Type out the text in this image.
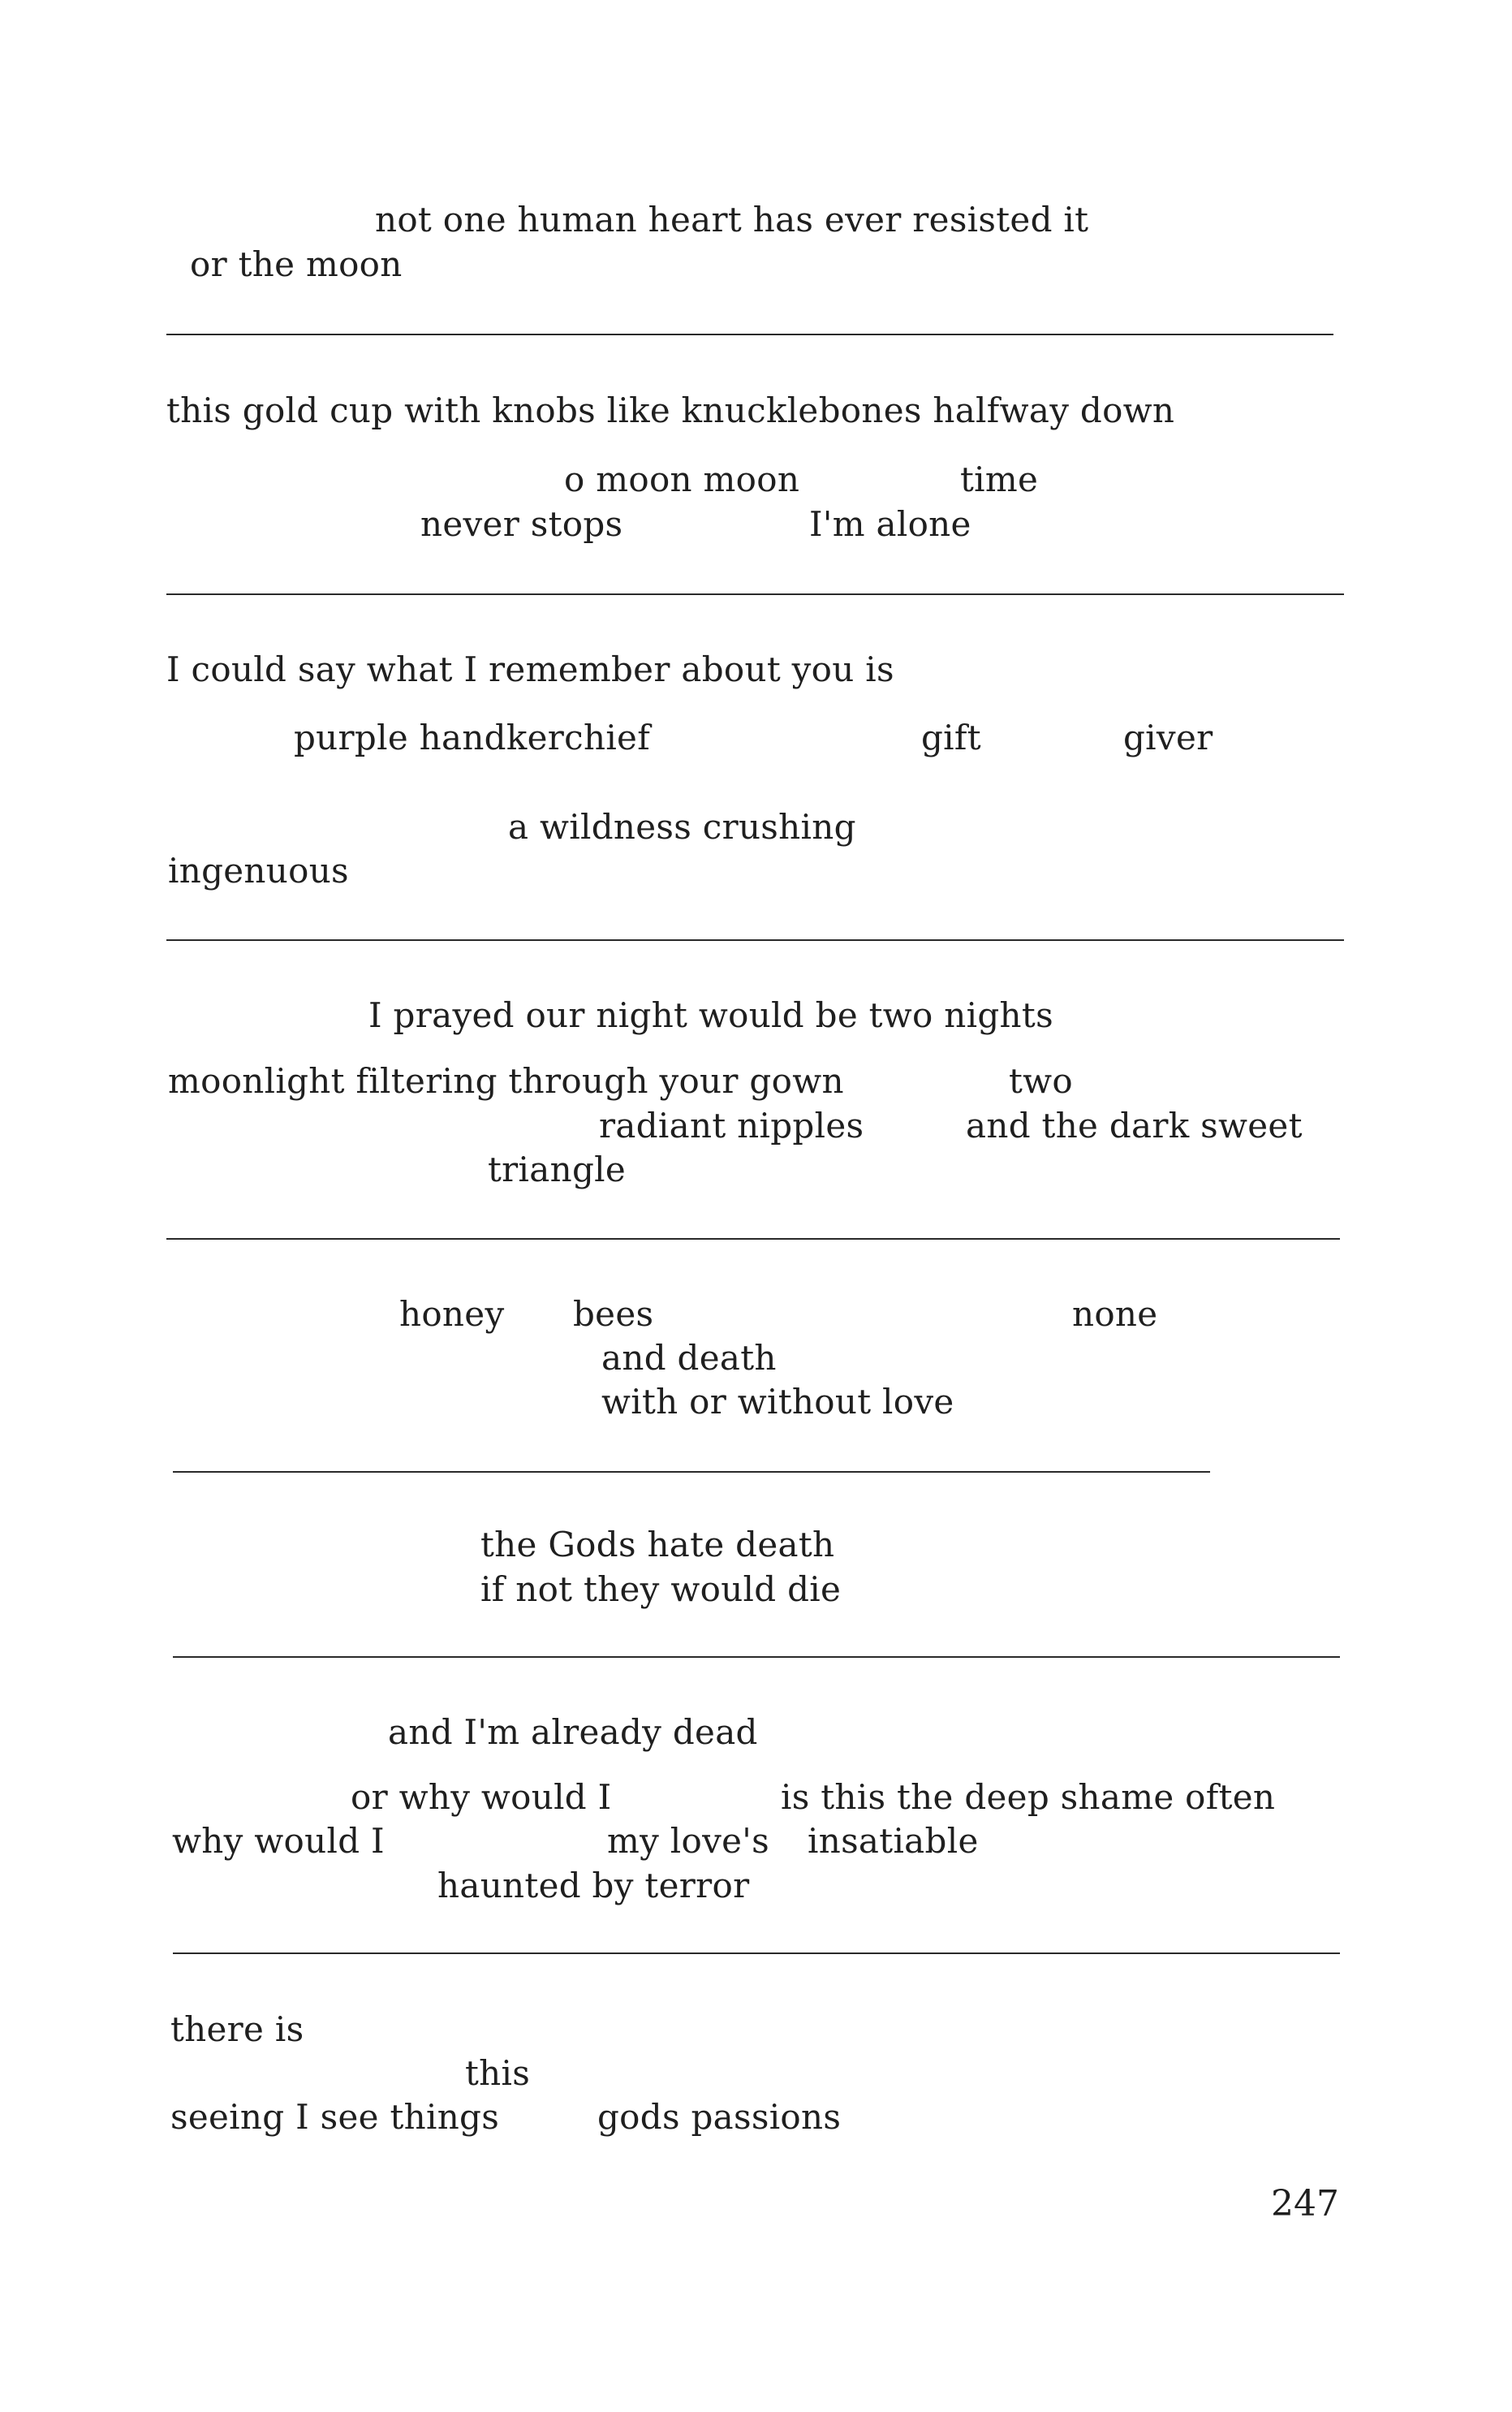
not one human heart has ever resisted it
or the moon
this gold cup with knobs like knucklebones halfway down
o moon moon	time
never stops	I'm alone
I could say what I remember about you is
purple handkerchief	gift	giver
a wildness crushing
ingenuous
I prayed our night would be two nights
moonlight filtering through your gown	two
radiant nipples	and the dark sweet
triangle
honey bees	none
and death
with or without love
the Gods hate death
if not they would die
and I'm already dead
or why would I	is this the deep shame often
why would I	my love's insatiable
haunted by terror
there is
this
seeing I see things	gods passions
247
